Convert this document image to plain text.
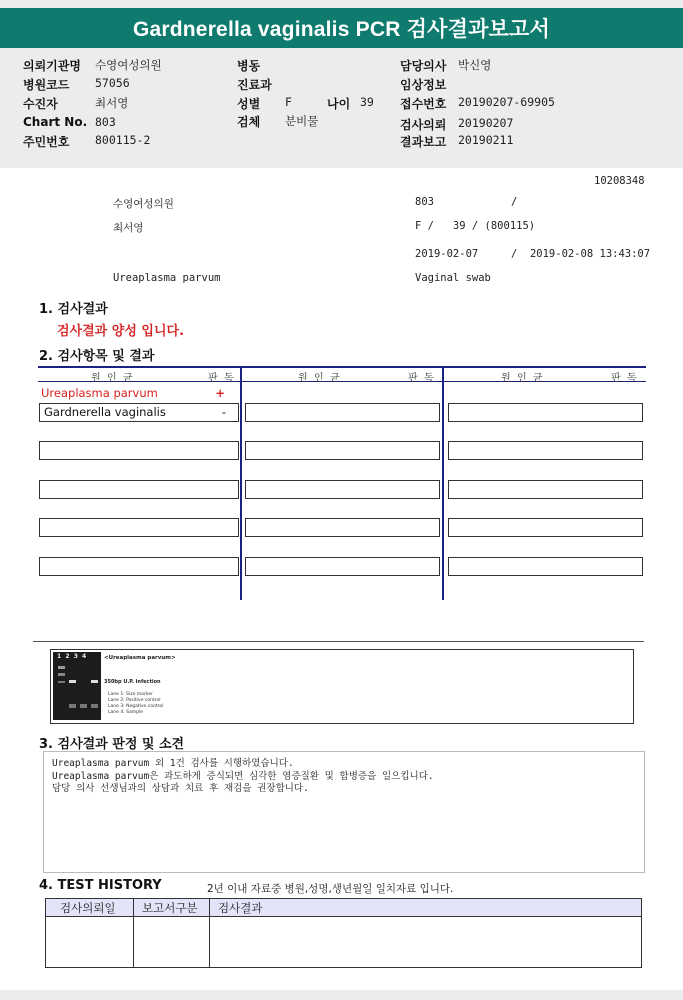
Gardnerella vaginalis PCR 검사결과보고서
의뢰기관명 수영여성의원
병원코드 57056
수진자	최서영
Chart No. 803
주민번호 800115-2
병동
진료과
성별 F	나이 39
검체 분비물
담당의사 박신영
임상정보
접수번호 20190207-69905
검사의뢰 20190207
결과보고 20190211
10208348
수영여성의원	803	/
최서영	F /   39 / (800115)
2019-02-07	/  2019-02-08 13:43:07
Ureaplasma parvum	Vaginal swab
1. 검사결과
검사결과 양성 입니다.
2. 검사항목 및 결과
원  인  균	판  독	원  인  균	판  독	원  인  균	판  독
Ureaplasma parvum	+
Gardnerella vaginalis	-
1  2  3  4	<Ureaplasma parvum>
350bp U.P. infection
Lane 1: Size marker
Lane 2: Positive control
Lane 3: Negative control
Lane 4: Sample
3. 검사결과 판정 및 소견
Ureaplasma parvum 외 1건 검사를 시행하였습니다.
Ureaplasma parvum은 과도하게 증식되면 심각한 염증질환 및 합병증을 일으킵니다.
담당 의사 선생님과의 상담과 치료 후 재검을 권장합니다.
4. TEST HISTORY	2년 이내 자료중 병원,성명,생년월일 일치자료 입니다.
검사의뢰일 보고서구분 검사결과
